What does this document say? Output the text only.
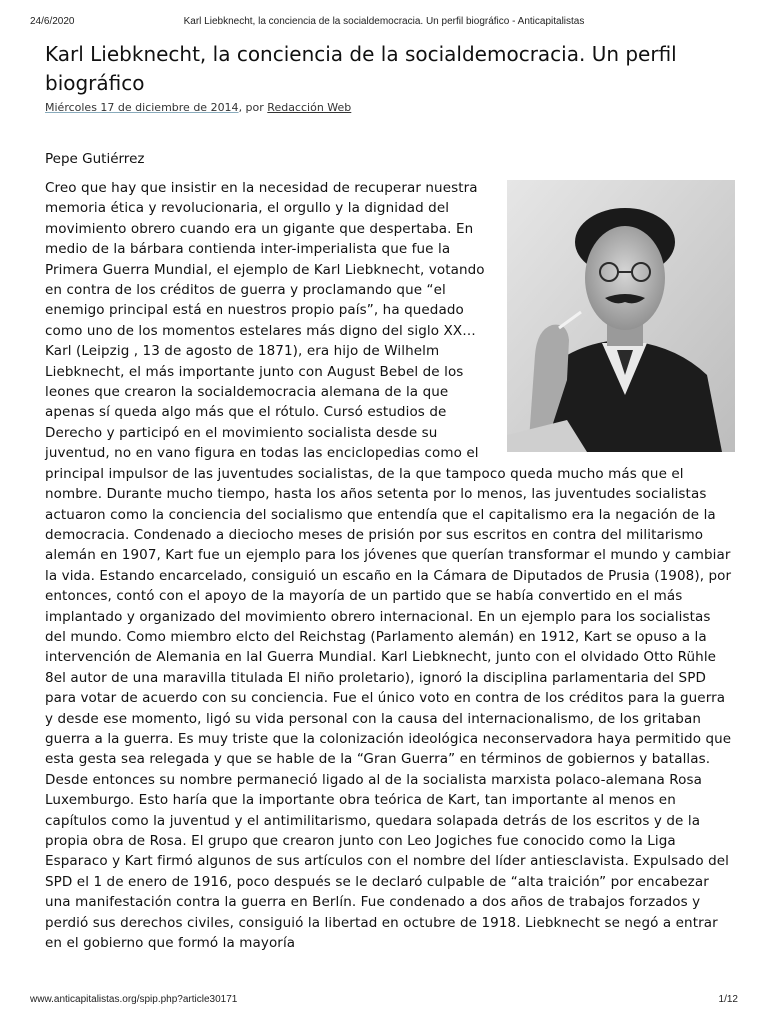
24/6/2020	Karl Liebknecht, la conciencia de la socialdemocracia. Un perfil biográfico - Anticapitalistas
Karl Liebknecht, la conciencia de la socialdemocracia. Un perfil biográfico
Miércoles 17 de diciembre de 2014, por Redacción Web
Pepe Gutiérrez

Creo que hay que insistir en la necesidad de recuperar nuestra memoria ética y revolucionaria, el orgullo y la dignidad del movimiento obrero cuando era un gigante que despertaba. En medio de la bárbara contienda inter-imperialista que fue la Primera Guerra Mundial, el ejemplo de Karl Liebknecht, votando en contra de los créditos de guerra y proclamando que “el enemigo principal está en nuestros propio país”, ha quedado como uno de los momentos estelares más digno del siglo XX… Karl (Leipzig , 13 de agosto de 1871), era hijo de Wilhelm Liebknecht, el más importante junto con August Bebel de los leones que crearon la socialdemocracia alemana de la que apenas sí queda algo más que el rótulo. Cursó estudios de Derecho y participó en el movimiento socialista desde su juventud, no en vano figura en todas las enciclopedias como el principal impulsor de las juventudes socialistas, de la que tampoco queda mucho más que el nombre. Durante mucho tiempo, hasta los años setenta por lo menos, las juventudes socialistas actuaron como la conciencia del socialismo que entendía que el capitalismo era la negación de la democracia. Condenado a dieciocho meses de prisión por sus escritos en contra del militarismo alemán en 1907, Kart fue un ejemplo para los jóvenes que querían transformar el mundo y cambiar la vida. Estando encarcelado, consiguió un escaño en la Cámara de Diputados de Prusia (1908), por entonces, contó con el apoyo de la mayoría de un partido que se había convertido en el más implantado y organizado del movimiento obrero internacional. En un ejemplo para los socialistas del mundo. Como miembro elcto del Reichstag (Parlamento alemán) en 1912, Kart se opuso a la intervención de Alemania en laI Guerra Mundial. Karl Liebknecht, junto con el olvidado Otto Rühle 8el autor de una maravilla titulada El niño proletario), ignoró la disciplina parlamentaria del SPD para votar de acuerdo con su conciencia. Fue el único voto en contra de los créditos para la guerra y desde ese momento, ligó su vida personal con la causa del internacionalismo, de los gritaban guerra a la guerra. Es muy triste que la colonización ideológica neconservadora haya permitido que esta gesta sea relegada y que se hable de la “Gran Guerra” en términos de gobiernos y batallas. Desde entonces su nombre permaneció ligado al de la socialista marxista polaco-alemana Rosa Luxemburgo. Esto haría que la importante obra teórica de Kart, tan importante al menos en capítulos como la juventud y el antimilitarismo, quedara solapada detrás de los escritos y de la propia obra de Rosa. El grupo que crearon junto con Leo Jogiches fue conocido como la Liga Esparaco y Kart firmó algunos de sus artículos con el nombre del líder antiesclavista. Expulsado del SPD el 1 de enero de 1916, poco después se le declaró culpable de “alta traición” por encabezar una manifestación contra la guerra en Berlín. Fue condenado a dos años de trabajos forzados y perdió sus derechos civiles, consiguió la libertad en octubre de 1918. Liebknecht se negó a entrar en el gobierno que formó la mayoría

www.anticapitalistas.org/spip.php?article30171	1/12
